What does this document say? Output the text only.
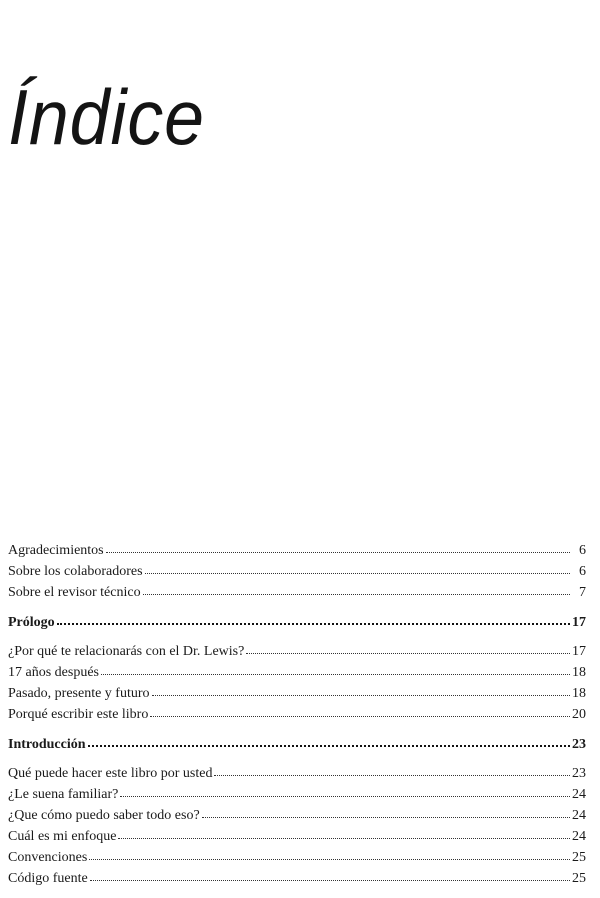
Índice
Agradecimientos	6
Sobre los colaboradores	6
Sobre el revisor técnico	7
Prólogo	17
¿Por qué te relacionarás con el Dr. Lewis?	17
17 años después	18
Pasado, presente y futuro	18
Porqué escribir este libro	20
Introducción	23
Qué puede hacer este libro por usted	23
¿Le suena familiar?	24
¿Que cómo puedo saber todo eso?	24
Cuál es mi enfoque	24
Convenciones	25
Código fuente	25
